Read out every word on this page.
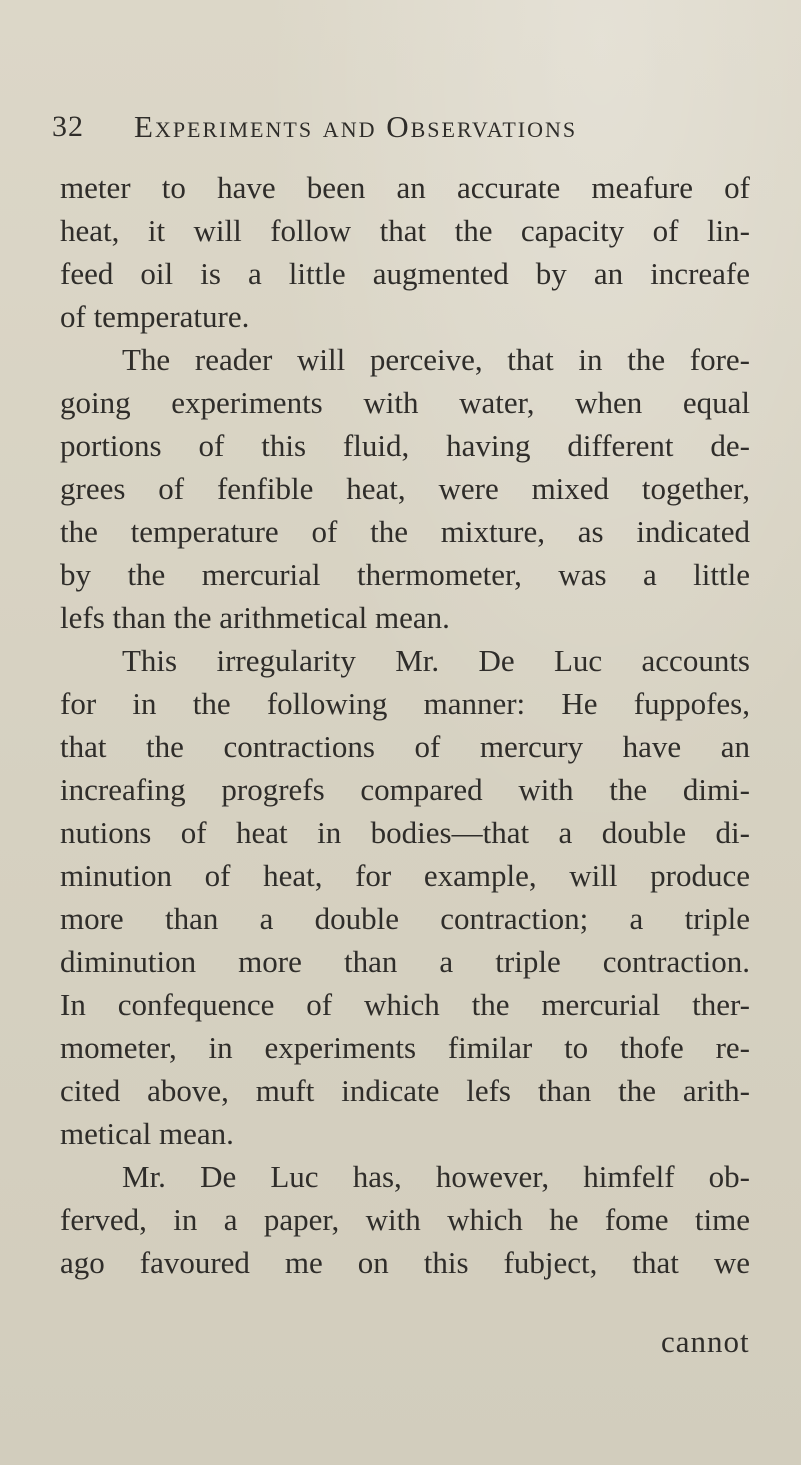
32 Experiments and Observations
meter to have been an accurate meafure of
heat, it will follow that the capacity of lin-
feed oil is a little augmented by an increafe
of temperature.
The reader will perceive, that in the fore-
going experiments with water, when equal
portions of this fluid, having different de-
grees of fenfible heat, were mixed together,
the temperature of the mixture, as indicated
by the mercurial thermometer, was a little
lefs than the arithmetical mean.
This irregularity Mr. De Luc accounts
for in the following manner: He fuppofes,
that the contractions of mercury have an
increafing progrefs compared with the dimi-
nutions of heat in bodies—that a double di-
minution of heat, for example, will produce
more than a double contraction; a triple
diminution more than a triple contraction.
In confequence of which the mercurial ther-
mometer, in experiments fimilar to thofe re-
cited above, muft indicate lefs than the arith-
metical mean.
Mr. De Luc has, however, himfelf ob-
ferved, in a paper, with which he fome time
ago favoured me on this fubject, that we
cannot
